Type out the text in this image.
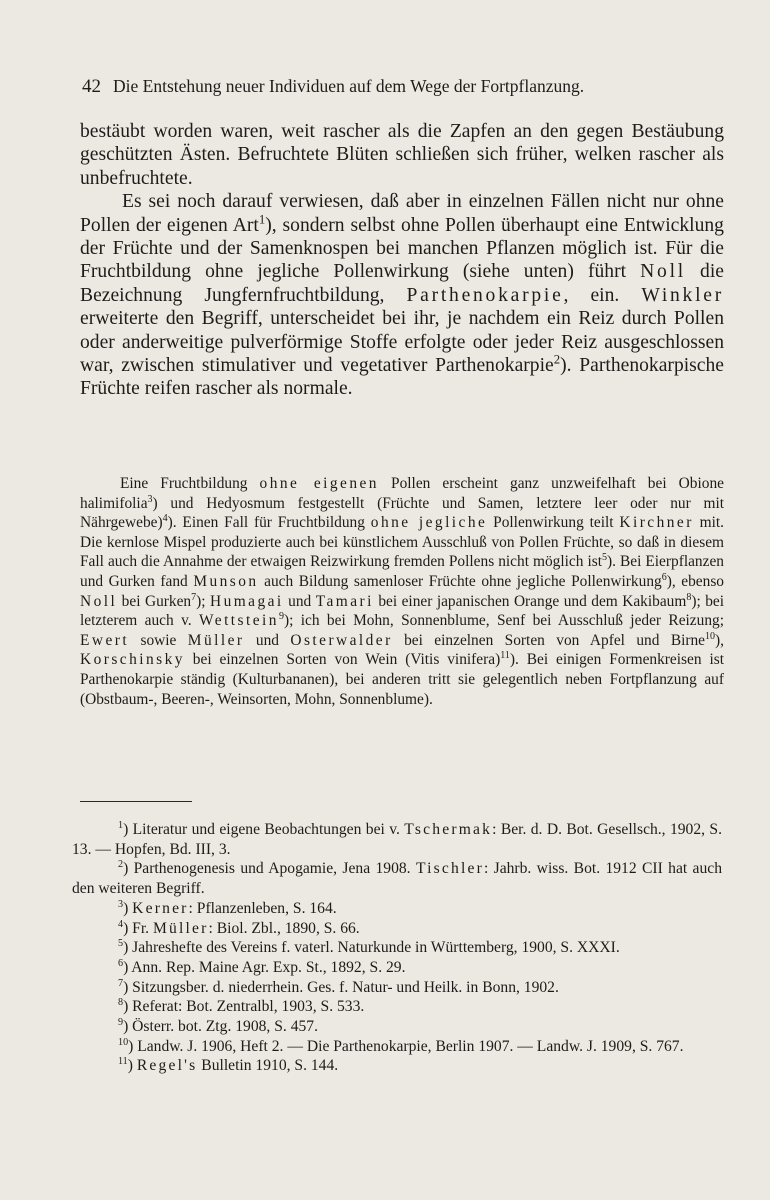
42 Die Entstehung neuer Individuen auf dem Wege der Fortpflanzung.

bestäubt worden waren, weit rascher als die Zapfen an den gegen Bestäubung geschützten Ästen. Befruchtete Blüten schließen sich früher, welken rascher als unbefruchtete.

Es sei noch darauf verwiesen, daß aber in einzelnen Fällen nicht nur ohne Pollen der eigenen Art$^1$), sondern selbst ohne Pollen überhaupt eine Entwicklung der Früchte und der Samenknospen bei manchen Pflanzen möglich ist. Für die Fruchtbildung ohne jegliche Pollenwirkung (siehe unten) führt Noll die Bezeichnung Jungfernfruchtbildung, Parthenokarpie, ein. Winkler erweiterte den Begriff, unterscheidet bei ihr, je nachdem ein Reiz durch Pollen oder anderweitige pulverförmige Stoffe erfolgte oder jeder Reiz ausgeschlossen war, zwischen stimulativer und vegetativer Parthenokarpie$^2$). Parthenokarpische Früchte reifen rascher als normale.

Eine Fruchtbildung ohne eigenen Pollen erscheint ganz unzweifelhaft bei Obione halimifolia$^3$) und Hedyosmum festgestellt (Früchte und Samen, letztere leer oder nur mit Nährgewebe)$^4$). Einen Fall für Fruchtbildung ohne jegliche Pollenwirkung teilt Kirchner mit. Die kernlose Mispel produzierte auch bei künstlichem Ausschluß von Pollen Früchte, so daß in diesem Fall auch die Annahme der etwaigen Reizwirkung fremden Pollens nicht möglich ist$^5$). Bei Eierpflanzen und Gurken fand Munson auch Bildung samenloser Früchte ohne jegliche Pollenwirkung$^6$), ebenso Noll bei Gurken$^7$); Humagai und Tamari bei einer japanischen Orange und dem Kakibaum$^8$); bei letzterem auch v. Wettstein$^9$); ich bei Mohn, Sonnenblume, Senf bei Ausschluß jeder Reizung; Ewert sowie Müller und Osterwalder bei einzelnen Sorten von Apfel und Birne$^{10}$), Korschinsky bei einzelnen Sorten von Wein (Vitis vinifera)$^{11}$). Bei einigen Formenkreisen ist Parthenokarpie ständig (Kulturbananen), bei anderen tritt sie gelegentlich neben Fortpflanzung auf (Obstbaum-, Beeren-, Weinsorten, Mohn, Sonnenblume).

$^1$) Literatur und eigene Beobachtungen bei v. Tschermak: Ber. d. D. Bot. Gesellsch., 1902, S. 13. — Hopfen, Bd. III, 3.

$^2$) Parthenogenesis und Apogamie, Jena 1908. Tischler: Jahrb. wiss. Bot. 1912 CII hat auch den weiteren Begriff.

$^3$) Kerner: Pflanzenleben, S. 164.

$^4$) Fr. Müller: Biol. Zbl., 1890, S. 66.

$^5$) Jahreshefte des Vereins f. vaterl. Naturkunde in Württemberg, 1900, S. XXXI.

$^6$) Ann. Rep. Maine Agr. Exp. St., 1892, S. 29.

$^7$) Sitzungsber. d. niederrhein. Ges. f. Natur- und Heilk. in Bonn, 1902.

$^8$) Referat: Bot. Zentralbl, 1903, S. 533.

$^9$) Österr. bot. Ztg. 1908, S. 457.

$^{10}$) Landw. J. 1906, Heft 2. — Die Parthenokarpie, Berlin 1907. — Landw. J. 1909, S. 767.

$^{11}$) Regel's Bulletin 1910, S. 144.
